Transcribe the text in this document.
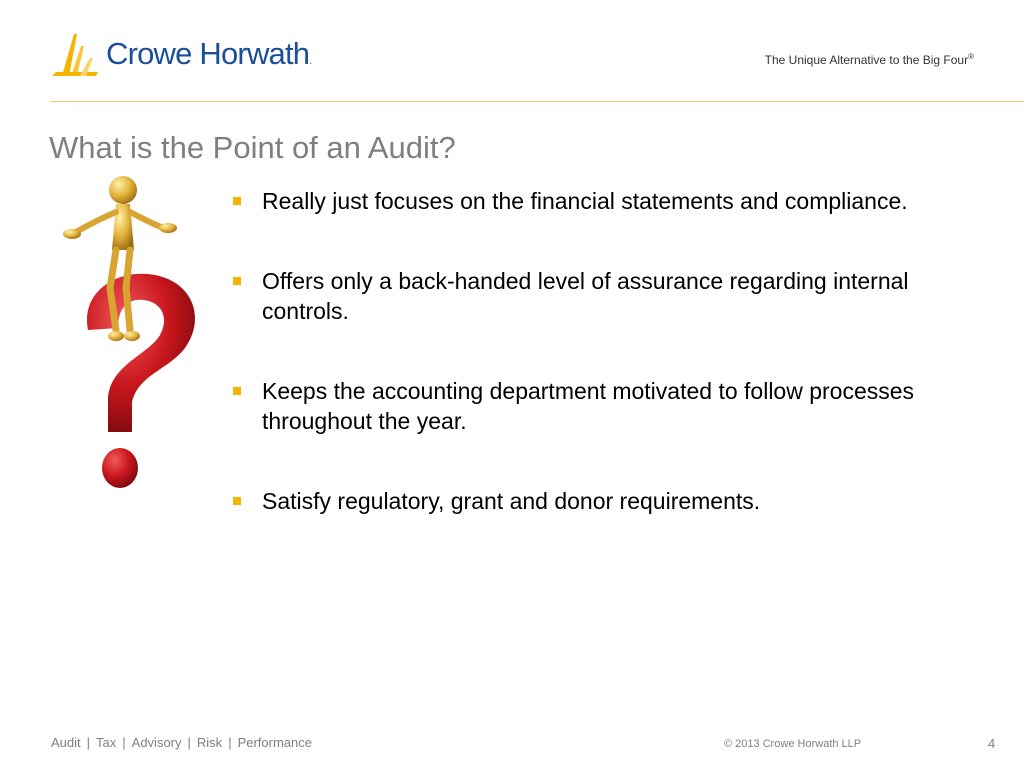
Crowe Horwath.	The Unique Alternative to the Big Four®
What is the Point of an Audit?
Really just focuses on the financial statements and compliance.
Offers only a back-handed level of assurance regarding internal controls.
Keeps the accounting department motivated to follow processes throughout the year.
Satisfy regulatory, grant and donor requirements.
Audit | Tax | Advisory | Risk | Performance	© 2013 Crowe Horwath LLP	4
